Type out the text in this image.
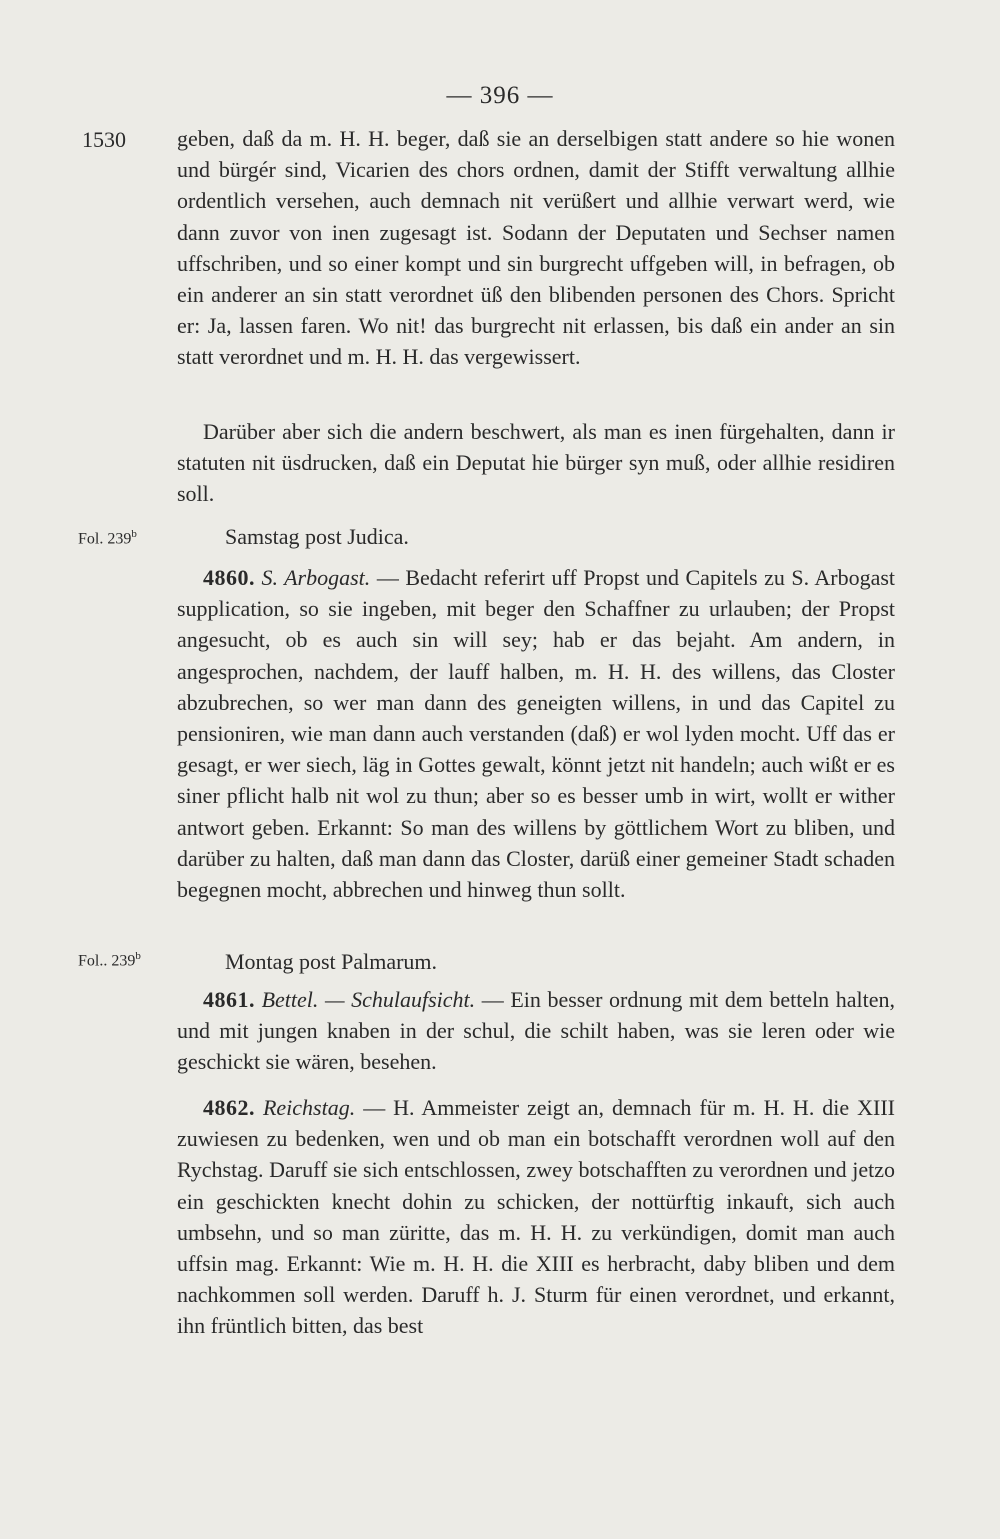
— 396 —
1530
Fol. 239$^b$
Fol.. 239$^b$

geben, daß da m. H. H. beger, daß sie an derselbigen statt andere so hie wonen und bürgér sind, Vicarien des chors ordnen, damit der Stifft verwaltung allhie ordentlich versehen, auch demnach nit verüßert und allhie verwart werd, wie dann zuvor von inen zugesagt ist. Sodann der Deputaten und Sechser namen uffschriben, und so einer kompt und sin burgrecht uffgeben will, in befragen, ob ein anderer an sin statt verordnet üß den blibenden personen des Chors. Spricht er: Ja, lassen faren. Wo nit! das burgrecht nit erlassen, bis daß ein ander an sin statt verordnet und m. H. H. das vergewissert.

Darüber aber sich die andern beschwert, als man es inen fürgehalten, dann ir statuten nit üsdrucken, daß ein Deputat hie bürger syn muß, oder allhie residiren soll.

Samstag post Judica.

4860. S. Arbogast. — Bedacht referirt uff Propst und Capitels zu S. Arbogast supplication, so sie ingeben, mit beger den Schaffner zu urlauben; der Propst angesucht, ob es auch sin will sey; hab er das bejaht. Am andern, in angesprochen, nachdem, der lauff halben, m. H. H. des willens, das Closter abzubrechen, so wer man dann des geneigten willens, in und das Capitel zu pensioniren, wie man dann auch verstanden (daß) er wol lyden mocht. Uff das er gesagt, er wer siech, läg in Gottes gewalt, könnt jetzt nit handeln; auch wißt er es siner pflicht halb nit wol zu thun; aber so es besser umb in wirt, wollt er wither antwort geben. Erkannt: So man des willens by göttlichem Wort zu bliben, und darüber zu halten, daß man dann das Closter, darüß einer gemeiner Stadt schaden begegnen mocht, abbrechen und hinweg thun sollt.

Montag post Palmarum.

4861. Bettel. — Schulaufsicht. — Ein besser ordnung mit dem betteln halten, und mit jungen knaben in der schul, die schilt haben, was sie leren oder wie geschickt sie wären, besehen.

4862. Reichstag. — H. Ammeister zeigt an, demnach für m. H. H. die XIII zuwiesen zu bedenken, wen und ob man ein botschafft verordnen woll auf den Rychstag. Daruff sie sich entschlossen, zwey botschafften zu verordnen und jetzo ein geschickten knecht dohin zu schicken, der nottürftig inkauft, sich auch umbsehn, und so man züritte, das m. H. H. zu verkündigen, domit man auch uffsin mag. Erkannt: Wie m. H. H. die XIII es herbracht, daby bliben und dem nachkommen soll werden. Daruff h. J. Sturm für einen verordnet, und erkannt, ihn früntlich bitten, das best
